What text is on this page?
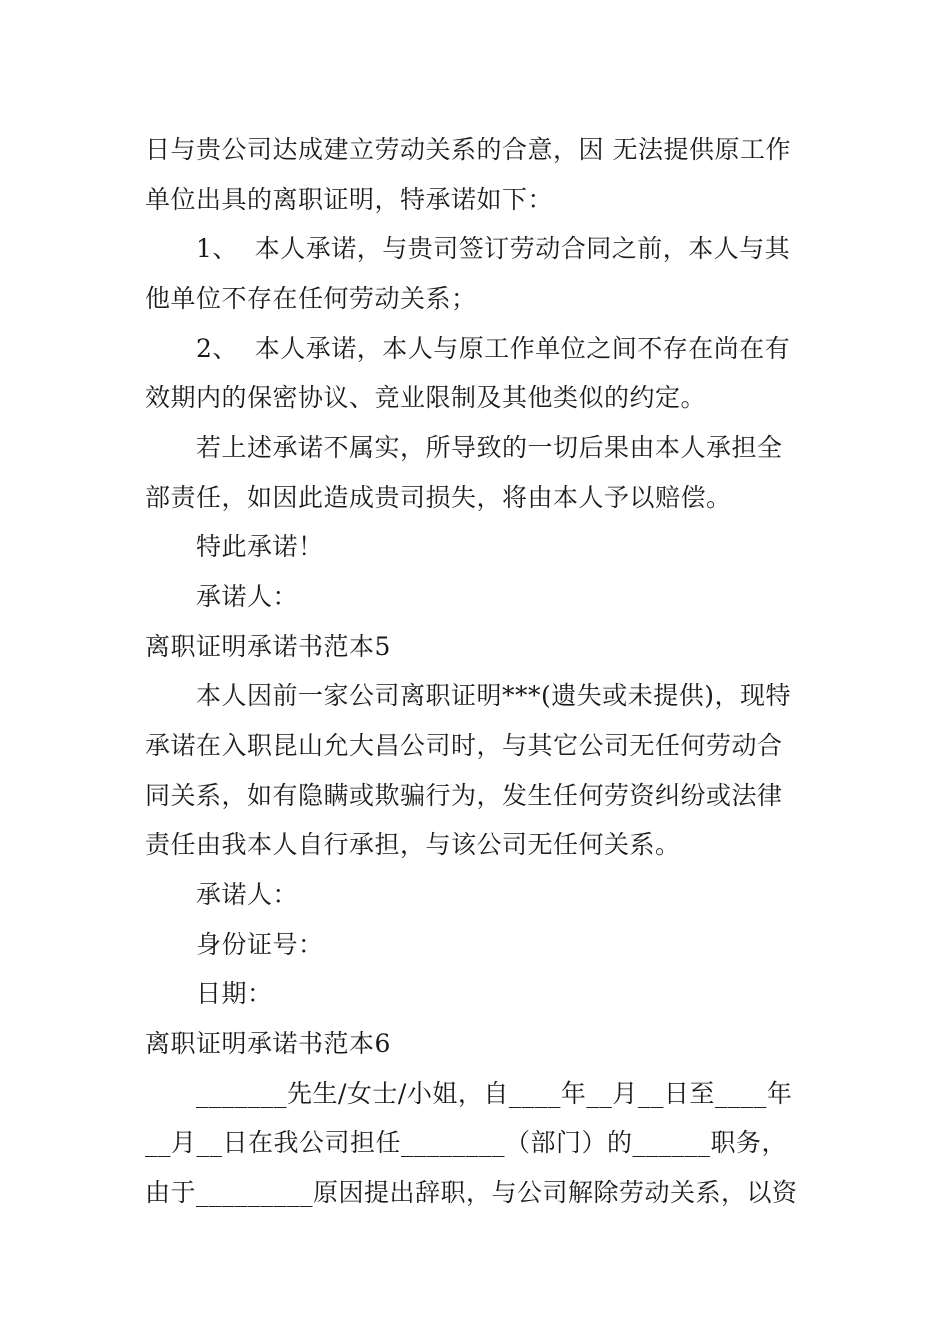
日与贵公司达成建立劳动关系的合意，因 无法提供原工作
单位出具的离职证明，特承诺如下：
1、  本人承诺，与贵司签订劳动合同之前，本人与其
他单位不存在任何劳动关系；
2、  本人承诺，本人与原工作单位之间不存在尚在有
效期内的保密协议、竞业限制及其他类似的约定。
若上述承诺不属实，所导致的一切后果由本人承担全
部责任，如因此造成贵司损失，将由本人予以赔偿。
特此承诺！
承诺人：
离职证明承诺书范本5
本人因前一家公司离职证明***(遗失或未提供)，现特
承诺在入职昆山允大昌公司时，与其它公司无任何劳动合
同关系，如有隐瞒或欺骗行为，发生任何劳资纠纷或法律
责任由我本人自行承担，与该公司无任何关系。
承诺人：
身份证号：
日期：
离职证明承诺书范本6
_______先生/女士/小姐，自____年__月__日至____年
__月__日在我公司担任________（部门）的______职务，
由于_________原因提出辞职，与公司解除劳动关系，以资
